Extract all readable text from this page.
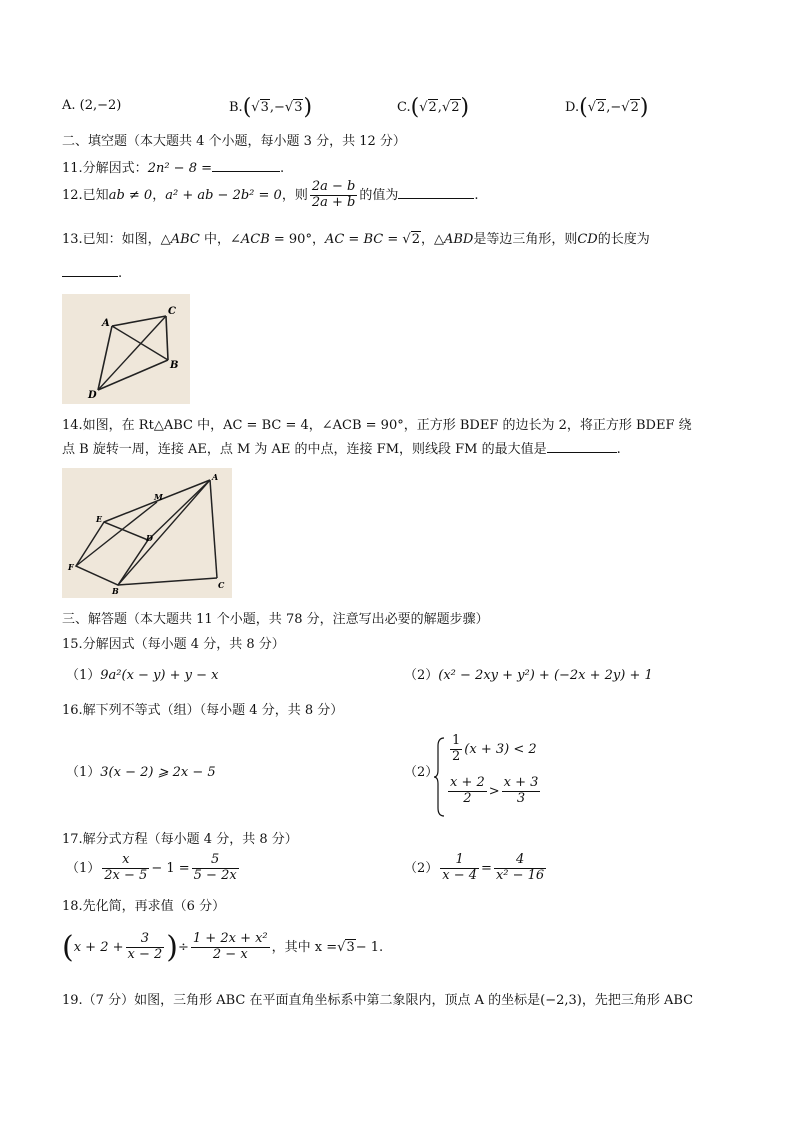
A. (2,−2)	B.(√3,−√3)	C.(√2,√2)	D.(√2,−√2)
二、填空题（本大题共 4 个小题，每小题 3 分，共 12 分）
11.分解因式：2n² − 8 =	.
12.已知ab ≠ 0，a² + ab − 2b² = 0，则 $\frac{2a - b}{2a + b}$ 的值为	.
13.已知：如图，△ABC 中，∠ACB = 90°，AC = BC = √2，△ABD是等边三角形，则CD的长度为
.
A
C
B
D
14.如图，在 Rt△ABC 中，AC = BC = 4，∠ACB = 90°，正方形 BDEF 的边长为 2，将正方形 BDEF 绕
点 B 旋转一周，连接 AE，点 M 为 AE 的中点，连接 FM，则线段 FM 的最大值是	.
A
M
E
D
F
B
C
三、解答题（本大题共 11 个小题，共 78 分，注意写出必要的解题步骤）
15.分解因式（每小题 4 分，共 8 分）
（1）9a²(x − y) + y − x	（2）(x² − 2xy + y²) + (−2x + 2y) + 1
16.解下列不等式（组）（每小题 4 分，共 8 分）
（1）3(x − 2) ⩾ 2x − 5	（2）
$\frac{1}{2} (x + 3) < 2$
$\frac{x + 2}{2} > \frac{x + 3}{3}$
17.解分式方程（每小题 4 分，共 8 分）
$(1) \frac{x}{2x - 5} - 1 = \frac{5}{5 - 2x}$	$(2) \frac{1}{x - 4} = \frac{4}{\text{x² − 16}}$
18.先化简，再求值（6 分）
($x + 2 + \frac{3}{x - 2}$ )÷ $\frac{\text{1 + 2x + x²}}{2 - x}$ ，其中 x =√3− 1.
19.（7 分）如图，三角形 ABC 在平面直角坐标系中第二象限内，顶点 A 的坐标是(−2,3)，先把三角形 ABC
